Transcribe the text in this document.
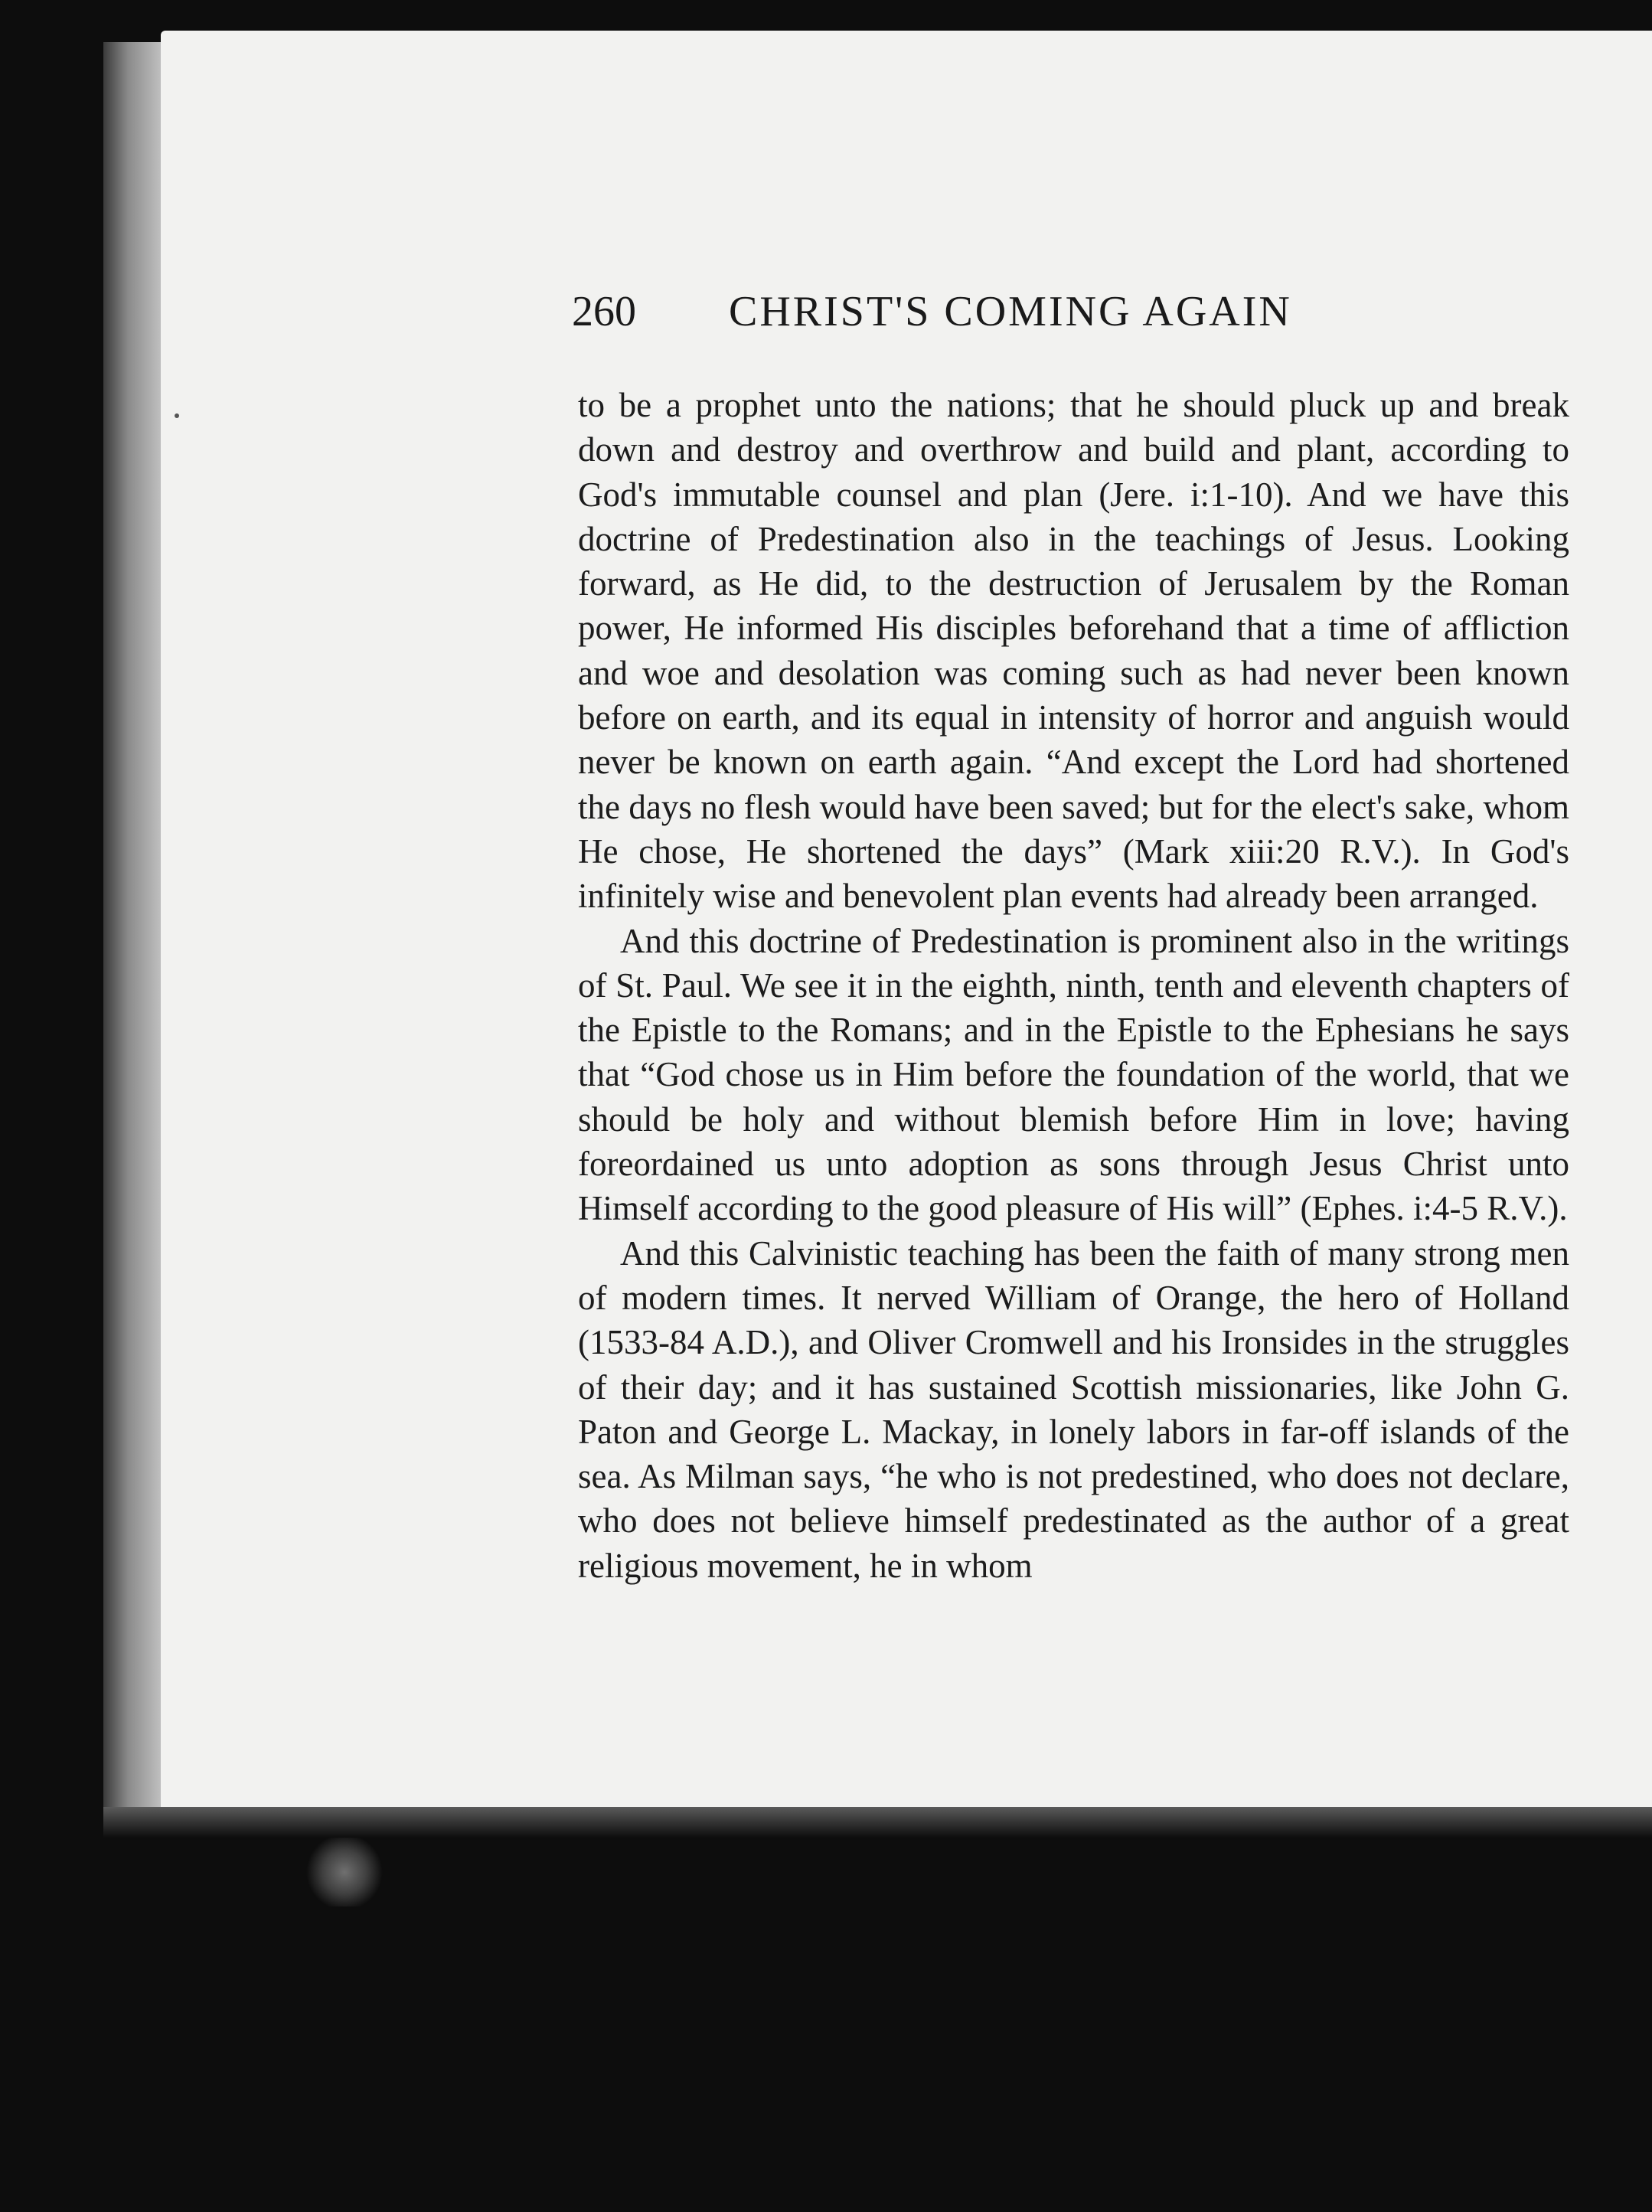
260 CHRIST'S COMING AGAIN

to be a prophet unto the nations; that he should pluck up and break down and destroy and overthrow and build and plant, according to God's immutable counsel and plan (Jere. i:1-10). And we have this doctrine of Predestination also in the teachings of Jesus. Looking forward, as He did, to the destruction of Jerusalem by the Roman power, He informed His disciples beforehand that a time of affliction and woe and desolation was coming such as had never been known before on earth, and its equal in intensity of horror and anguish would never be known on earth again. “And except the Lord had shortened the days no flesh would have been saved; but for the elect's sake, whom He chose, He shortened the days” (Mark xiii:20 R.V.). In God's infinitely wise and benevolent plan events had already been arranged.

And this doctrine of Predestination is prominent also in the writings of St. Paul. We see it in the eighth, ninth, tenth and eleventh chapters of the Epistle to the Romans; and in the Epistle to the Ephesians he says that “God chose us in Him before the foundation of the world, that we should be holy and without blemish before Him in love; having foreordained us unto adoption as sons through Jesus Christ unto Himself according to the good pleasure of His will” (Ephes. i:4-5 R.V.).

And this Calvinistic teaching has been the faith of many strong men of modern times. It nerved William of Orange, the hero of Holland (1533-84 A.D.), and Oliver Cromwell and his Ironsides in the struggles of their day; and it has sustained Scottish missionaries, like John G. Paton and George L. Mackay, in lonely labors in far-off islands of the sea. As Milman says, “he who is not predestined, who does not declare, who does not believe himself predestinated as the author of a great religious movement, he in whom
